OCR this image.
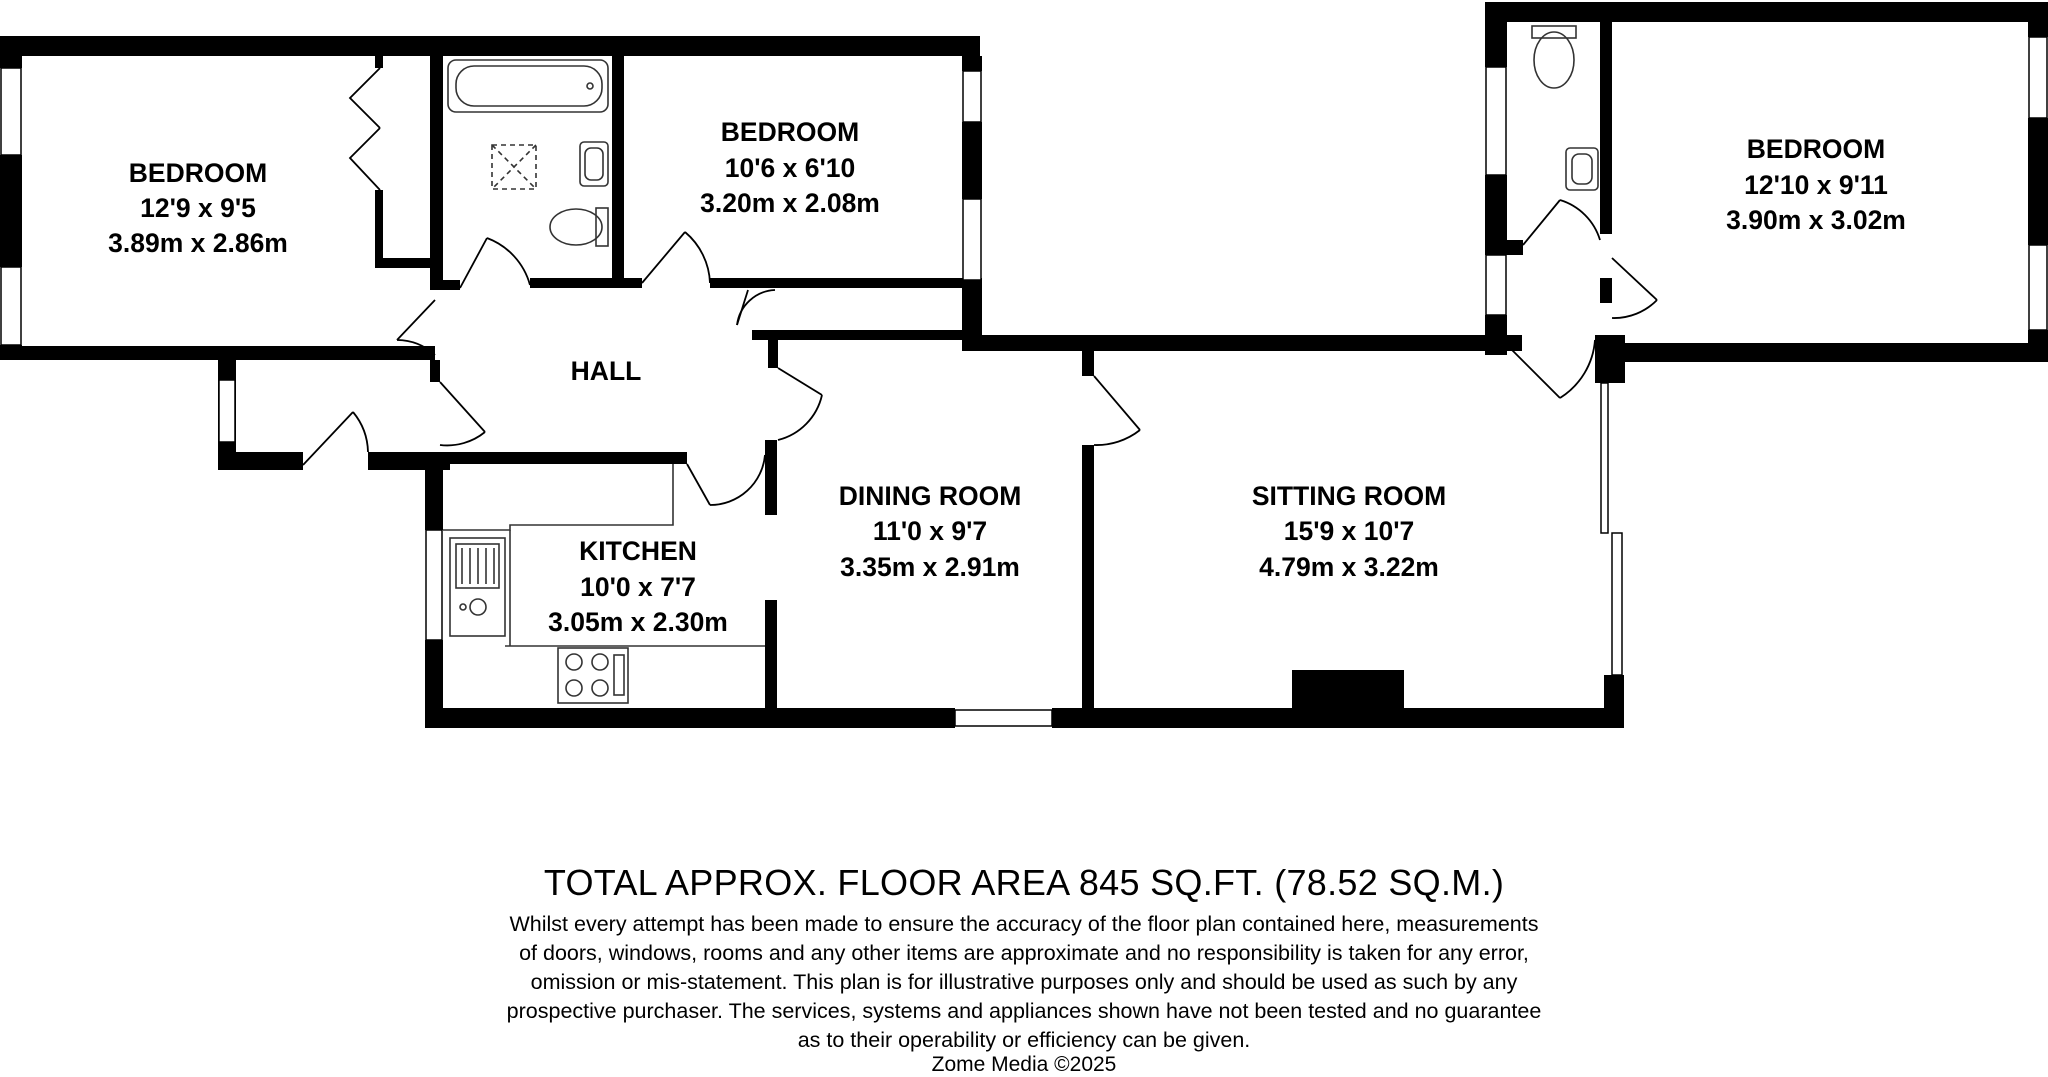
BEDROOM
12'9 x 9'5
3.89m x 2.86m
BEDROOM
10'6 x 6'10
3.20m x 2.08m
BEDROOM
12'10 x 9'11
3.90m x 3.02m
HALL
KITCHEN
10'0 x 7'7
3.05m x 2.30m
DINING ROOM
11'0 x 9'7
3.35m x 2.91m
SITTING ROOM
15'9 x 10'7
4.79m x 3.22m
TOTAL APPROX. FLOOR AREA 845 SQ.FT. (78.52 SQ.M.)
Whilst every attempt has been made to ensure the accuracy of the floor plan contained here, measurements
of doors, windows, rooms and any other items are approximate and no responsibility is taken for any error,
omission or mis-statement. This plan is for illustrative purposes only and should be used as such by any
prospective purchaser. The services, systems and appliances shown have not been tested and no guarantee
as to their operability or efficiency can be given.
Zome Media ©2025
